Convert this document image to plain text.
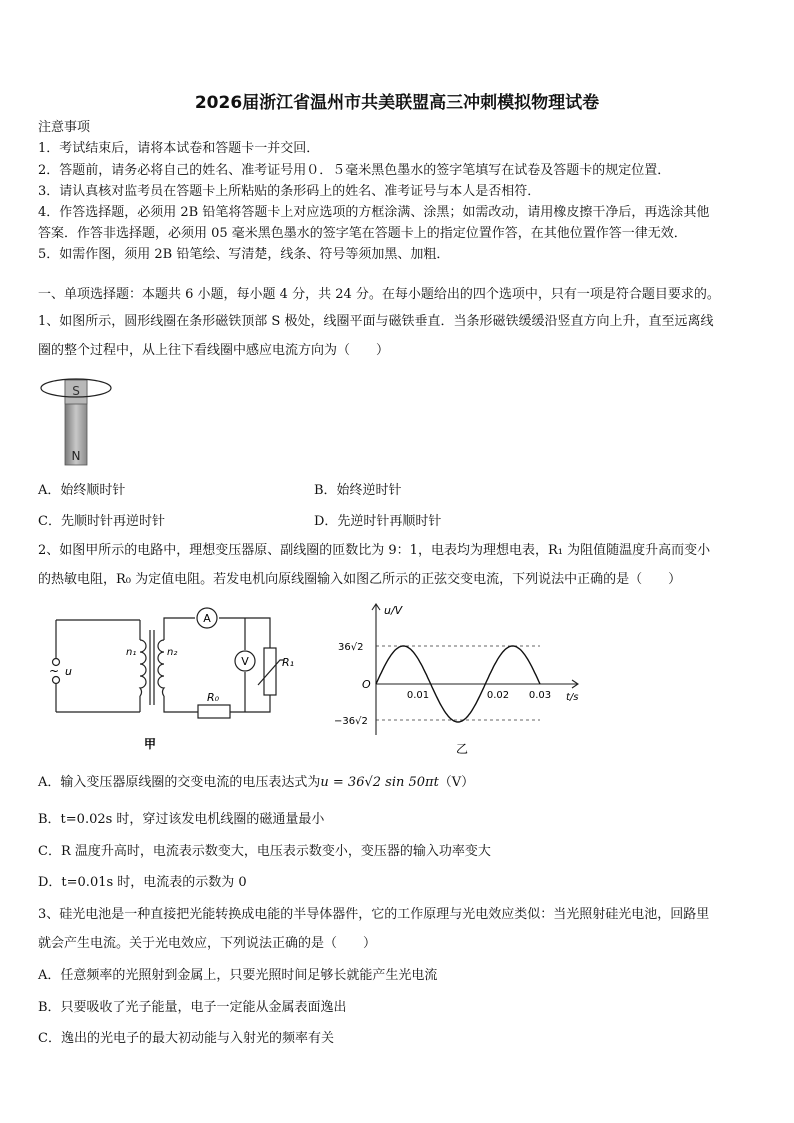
2026届浙江省温州市共美联盟高三冲刺模拟物理试卷
注意事项
1．考试结束后，请将本试卷和答题卡一并交回．
2．答题前，请务必将自己的姓名、准考证号用０．５毫米黑色墨水的签字笔填写在试卷及答题卡的规定位置．
3．请认真核对监考员在答题卡上所粘贴的条形码上的姓名、准考证号与本人是否相符．
4．作答选择题，必须用 2B 铅笔将答题卡上对应选项的方框涂满、涂黑；如需改动，请用橡皮擦干净后，再选涂其他
答案．作答非选择题，必须用 05 毫米黑色墨水的签字笔在答题卡上的指定位置作答，在其他位置作答一律无效．
5．如需作图，须用 2B 铅笔绘、写清楚，线条、符号等须加黑、加粗．
一、单项选择题：本题共 6 小题，每小题 4 分，共 24 分。在每小题给出的四个选项中，只有一项是符合题目要求的。
1、如图所示，圆形线圈在条形磁铁顶部 S 极处，线圈平面与磁铁垂直．当条形磁铁缓缓沿竖直方向上升，直至远离线
圈的整个过程中，从上往下看线圈中感应电流方向为（　　）
S
N
A．始终顺时针	B．始终逆时针
C．先顺时针再逆时针	D．先逆时针再顺时针
2、如图甲所示的电路中，理想变压器原、副线圈的匝数比为 9：1，电表均为理想电表，R₁ 为阻值随温度升高而变小
的热敏电阻，R₀ 为定值电阻。若发电机向原线圈输入如图乙所示的正弦交变电流，下列说法中正确的是（　　）
~ u
n₁	n₂
A
V	R₁
R₀
甲
u/V
t/s
O
36√2
−36√2
0.01	0.02 0.03
乙
A．输入变压器原线圈的交变电流的电压表达式为u = 36√2 sin 50πt（V）
B．t=0.02s 时，穿过该发电机线圈的磁通量最小
C．R 温度升高时，电流表示数变大，电压表示数变小，变压器的输入功率变大
D．t=0.01s 时，电流表的示数为 0
3、硅光电池是一种直接把光能转换成电能的半导体器件，它的工作原理与光电效应类似：当光照射硅光电池，回路里
就会产生电流。关于光电效应，下列说法正确的是（　　）
A．任意频率的光照射到金属上，只要光照时间足够长就能产生光电流
B．只要吸收了光子能量，电子一定能从金属表面逸出
C．逸出的光电子的最大初动能与入射光的频率有关
